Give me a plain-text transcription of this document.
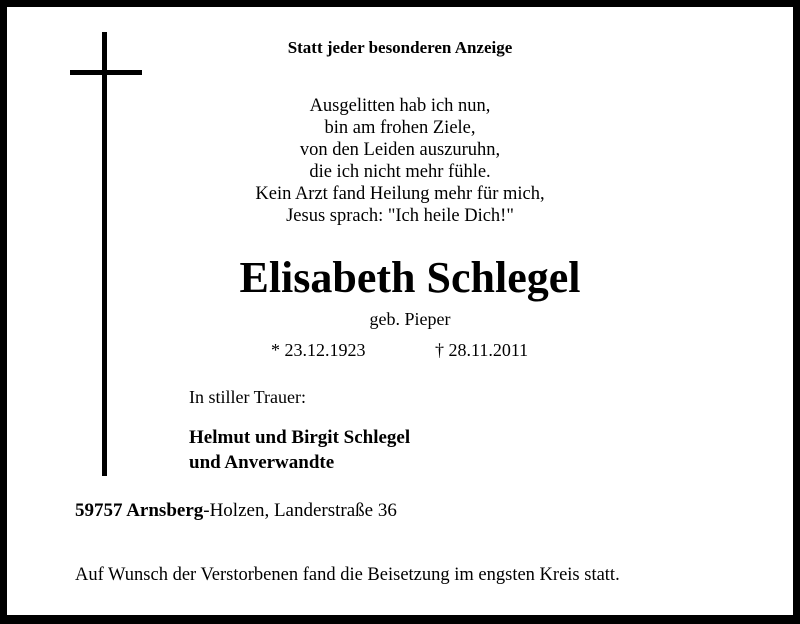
Statt jeder besonderen Anzeige
Ausgelitten hab ich nun,
bin am frohen Ziele,
von den Leiden auszuruhn,
die ich nicht mehr fühle.
Kein Arzt fand Heilung mehr für mich,
Jesus sprach: "Ich heile Dich!"
Elisabeth Schlegel
geb. Pieper
* 23.12.1923	† 28.11.2011
In stiller Trauer:
Helmut und Birgit Schlegel
und Anverwandte
59757 Arnsberg-Holzen, Landerstraße 36
Auf Wunsch der Verstorbenen fand die Beisetzung im engsten Kreis statt.
